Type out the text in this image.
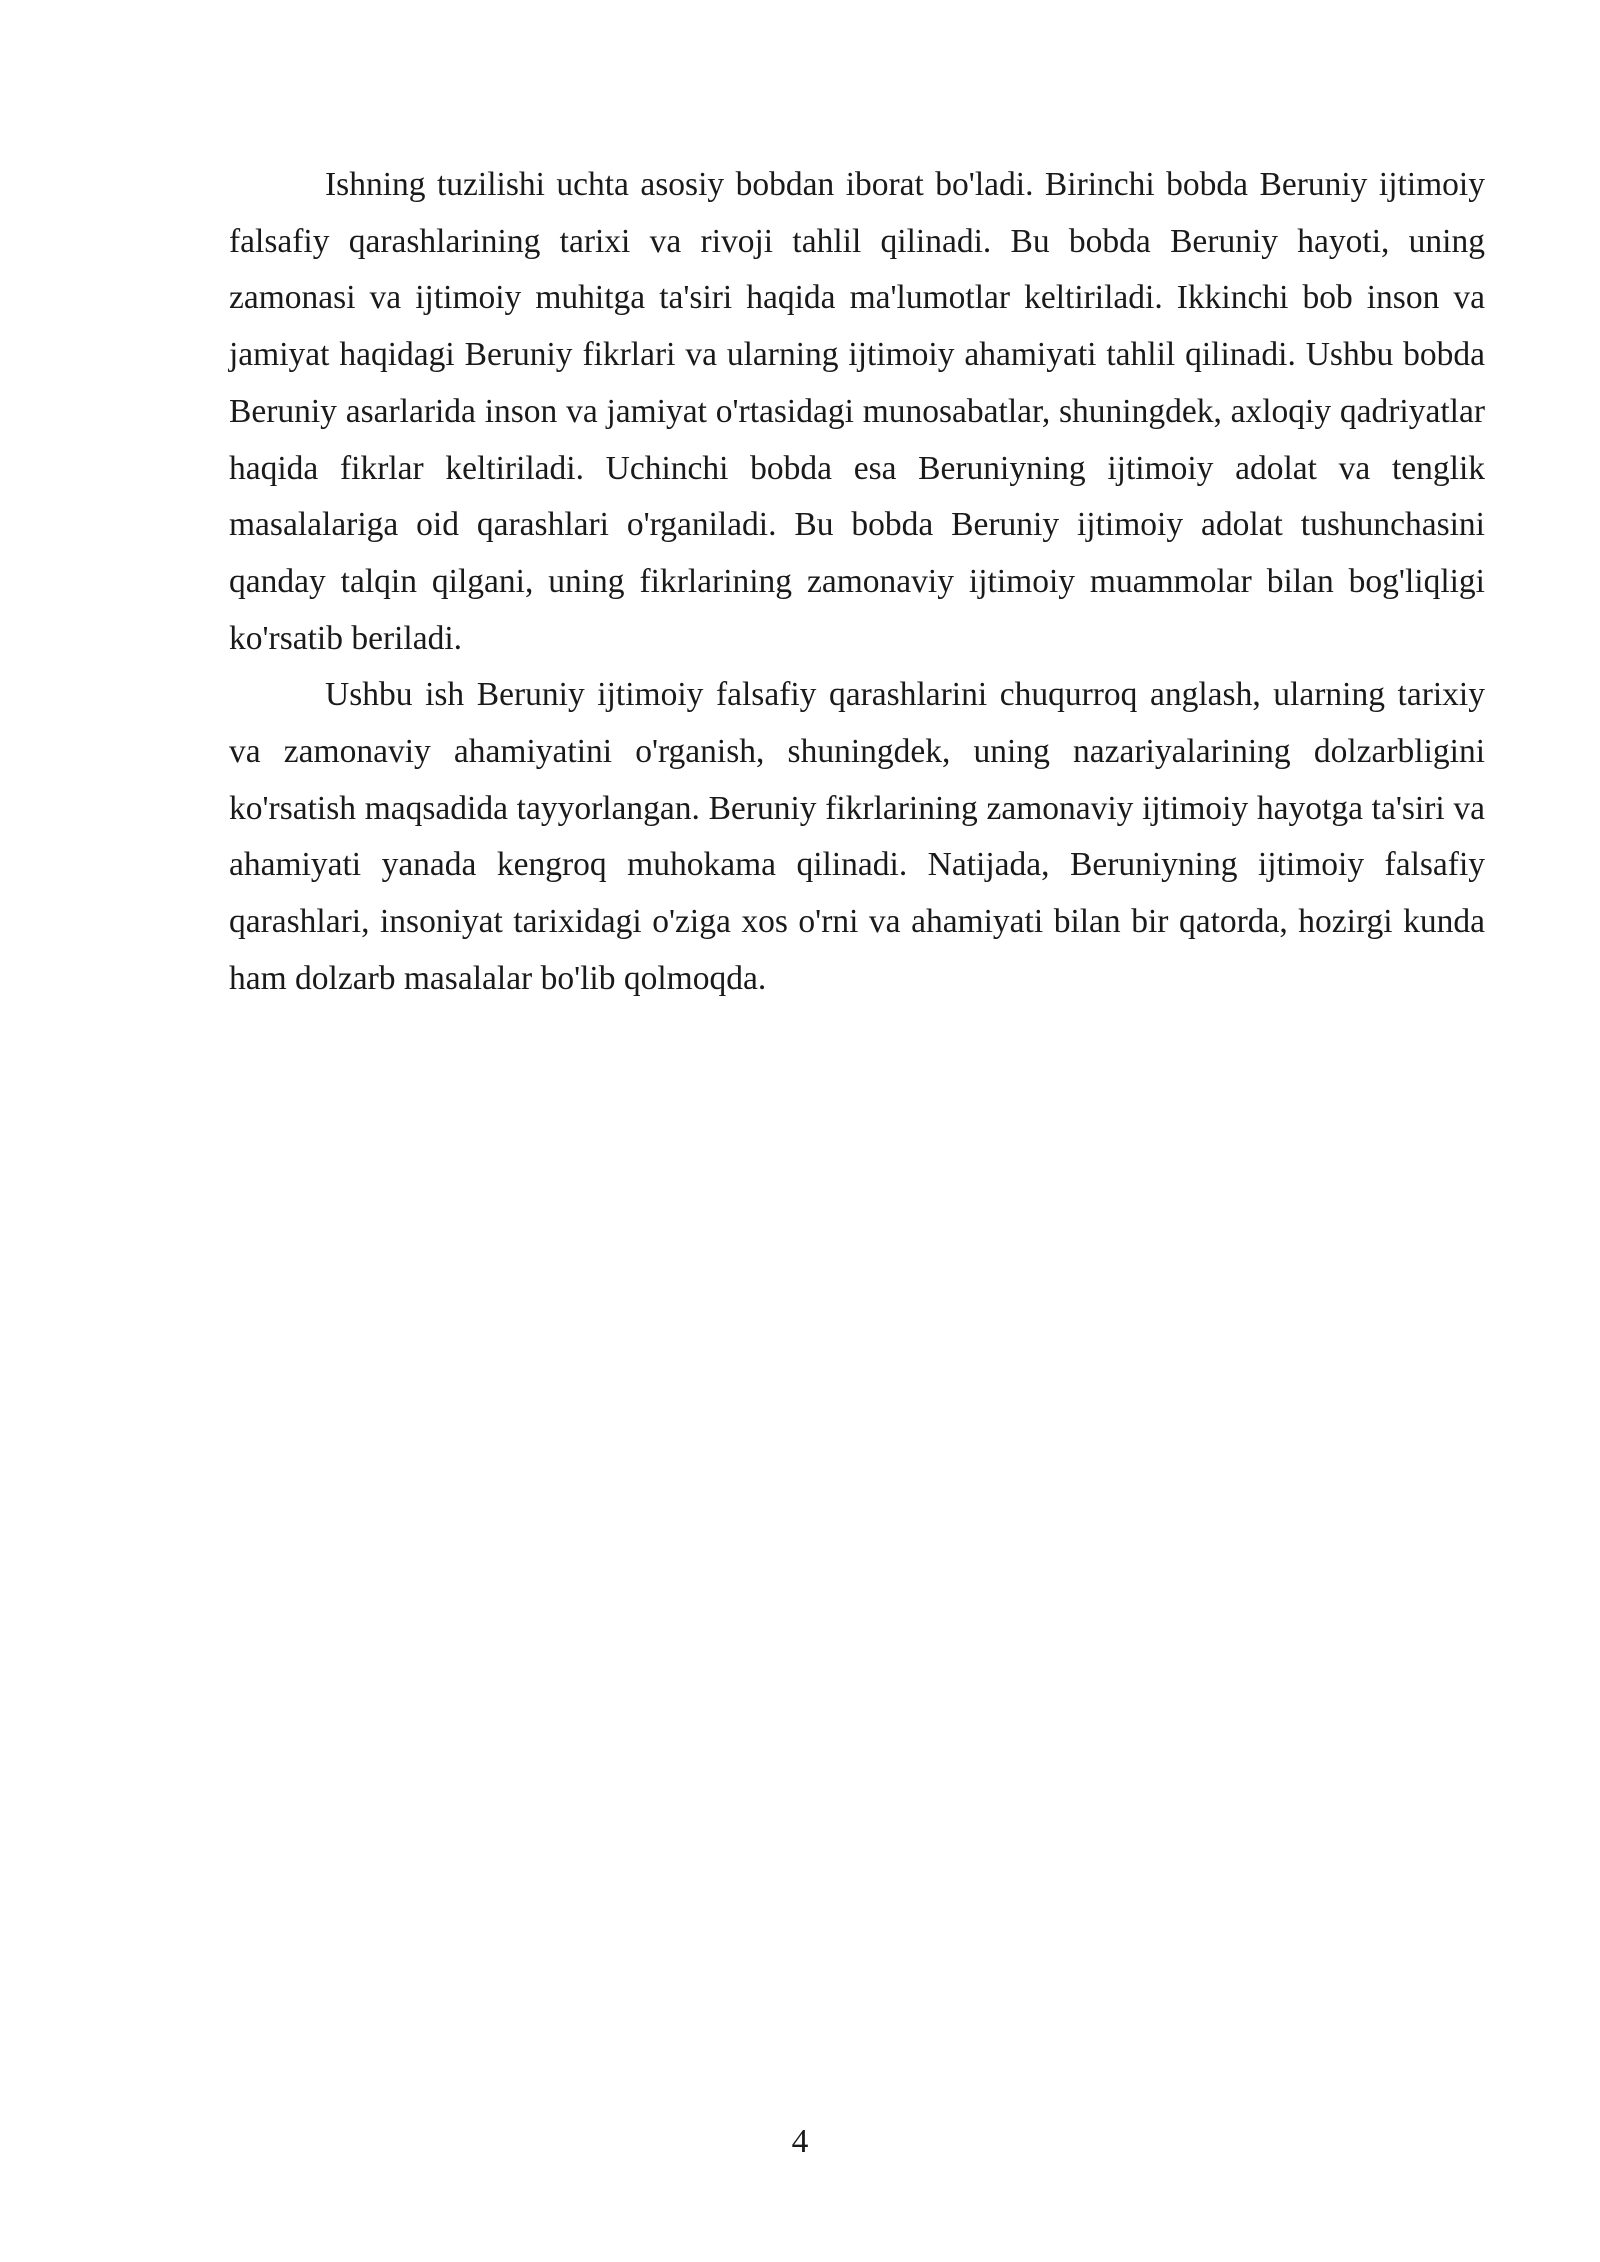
Ishning tuzilishi uchta asosiy bobdan iborat bo'ladi. Birinchi bobda Beruniy ijtimoiy falsafiy qarashlarining tarixi va rivoji tahlil qilinadi. Bu bobda Beruniy hayoti, uning zamonasi va ijtimoiy muhitga ta'siri haqida ma'lumotlar keltiriladi. Ikkinchi bob inson va jamiyat haqidagi Beruniy fikrlari va ularning ijtimoiy ahamiyati tahlil qilinadi. Ushbu bobda Beruniy asarlarida inson va jamiyat o'rtasidagi munosabatlar, shuningdek, axloqiy qadriyatlar haqida fikrlar keltiriladi. Uchinchi bobda esa Beruniyning ijtimoiy adolat va tenglik masalalariga oid qarashlari o'rganiladi. Bu bobda Beruniy ijtimoiy adolat tushunchasini qanday talqin qilgani, uning fikrlarining zamonaviy ijtimoiy muammolar bilan bog'liqligi ko'rsatib beriladi.

Ushbu ish Beruniy ijtimoiy falsafiy qarashlarini chuqurroq anglash, ularning tarixiy va zamonaviy ahamiyatini o'rganish, shuningdek, uning nazariyalarining dolzarbligini ko'rsatish maqsadida tayyorlangan. Beruniy fikrlarining zamonaviy ijtimoiy hayotga ta'siri va ahamiyati yanada kengroq muhokama qilinadi. Natijada, Beruniyning ijtimoiy falsafiy qarashlari, insoniyat tarixidagi o'ziga xos o'rni va ahamiyati bilan bir qatorda, hozirgi kunda ham dolzarb masalalar bo'lib qolmoqda.

4
